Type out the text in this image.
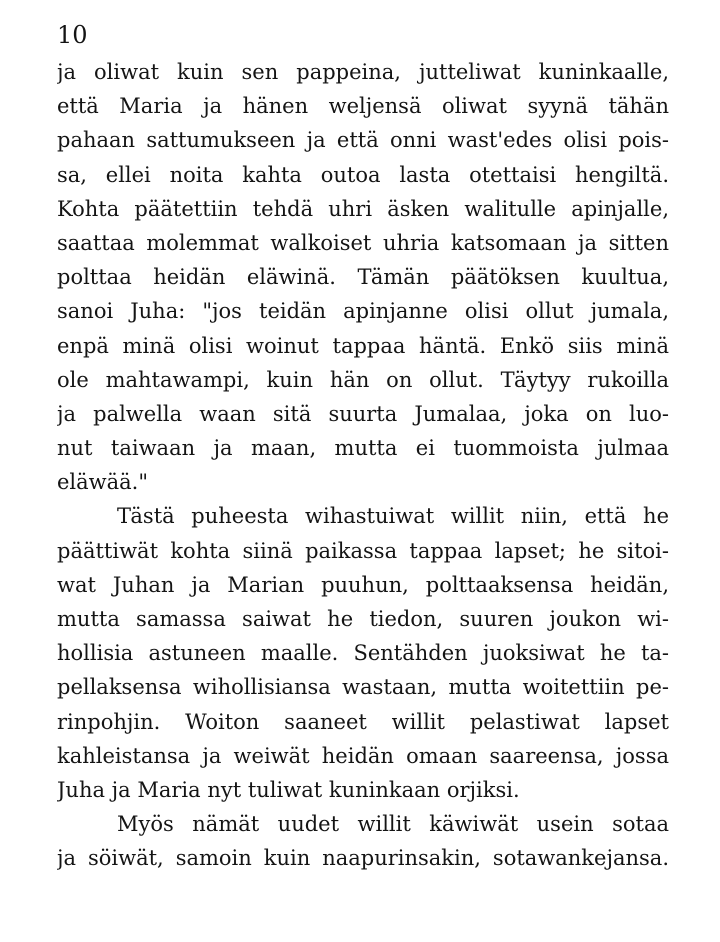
10
ja oliwat kuin sen pappeina, jutteliwat kuninkaalle,
että Maria ja hänen weljensä oliwat syynä tähän
pahaan sattumukseen ja että onni wast'edes olisi pois-
sa, ellei noita kahta outoa lasta otettaisi hengiltä.
Kohta päätettiin tehdä uhri äsken walitulle apinjalle,
saattaa molemmat walkoiset uhria katsomaan ja sitten
polttaa heidän eläwinä. Tämän päätöksen kuultua,
sanoi Juha: "jos teidän apinjanne olisi ollut jumala,
enpä minä olisi woinut tappaa häntä. Enkö siis minä
ole mahtawampi, kuin hän on ollut. Täytyy rukoilla
ja palwella waan sitä suurta Jumalaa, joka on luo-
nut taiwaan ja maan, mutta ei tuommoista julmaa
eläwää."
Tästä puheesta wihastuiwat willit niin, että he
päättiwät kohta siinä paikassa tappaa lapset; he sitoi-
wat Juhan ja Marian puuhun, polttaaksensa heidän,
mutta samassa saiwat he tiedon, suuren joukon wi-
hollisia astuneen maalle. Sentähden juoksiwat he ta-
pellaksensa wihollisiansa wastaan, mutta woitettiin pe-
rinpohjin. Woiton saaneet willit pelastiwat lapset
kahleistansa ja weiwät heidän omaan saareensa, jossa
Juha ja Maria nyt tuliwat kuninkaan orjiksi.
Myös nämät uudet willit käwiwät usein sotaa
ja söiwät, samoin kuin naapurinsakin, sotawankejansa.
